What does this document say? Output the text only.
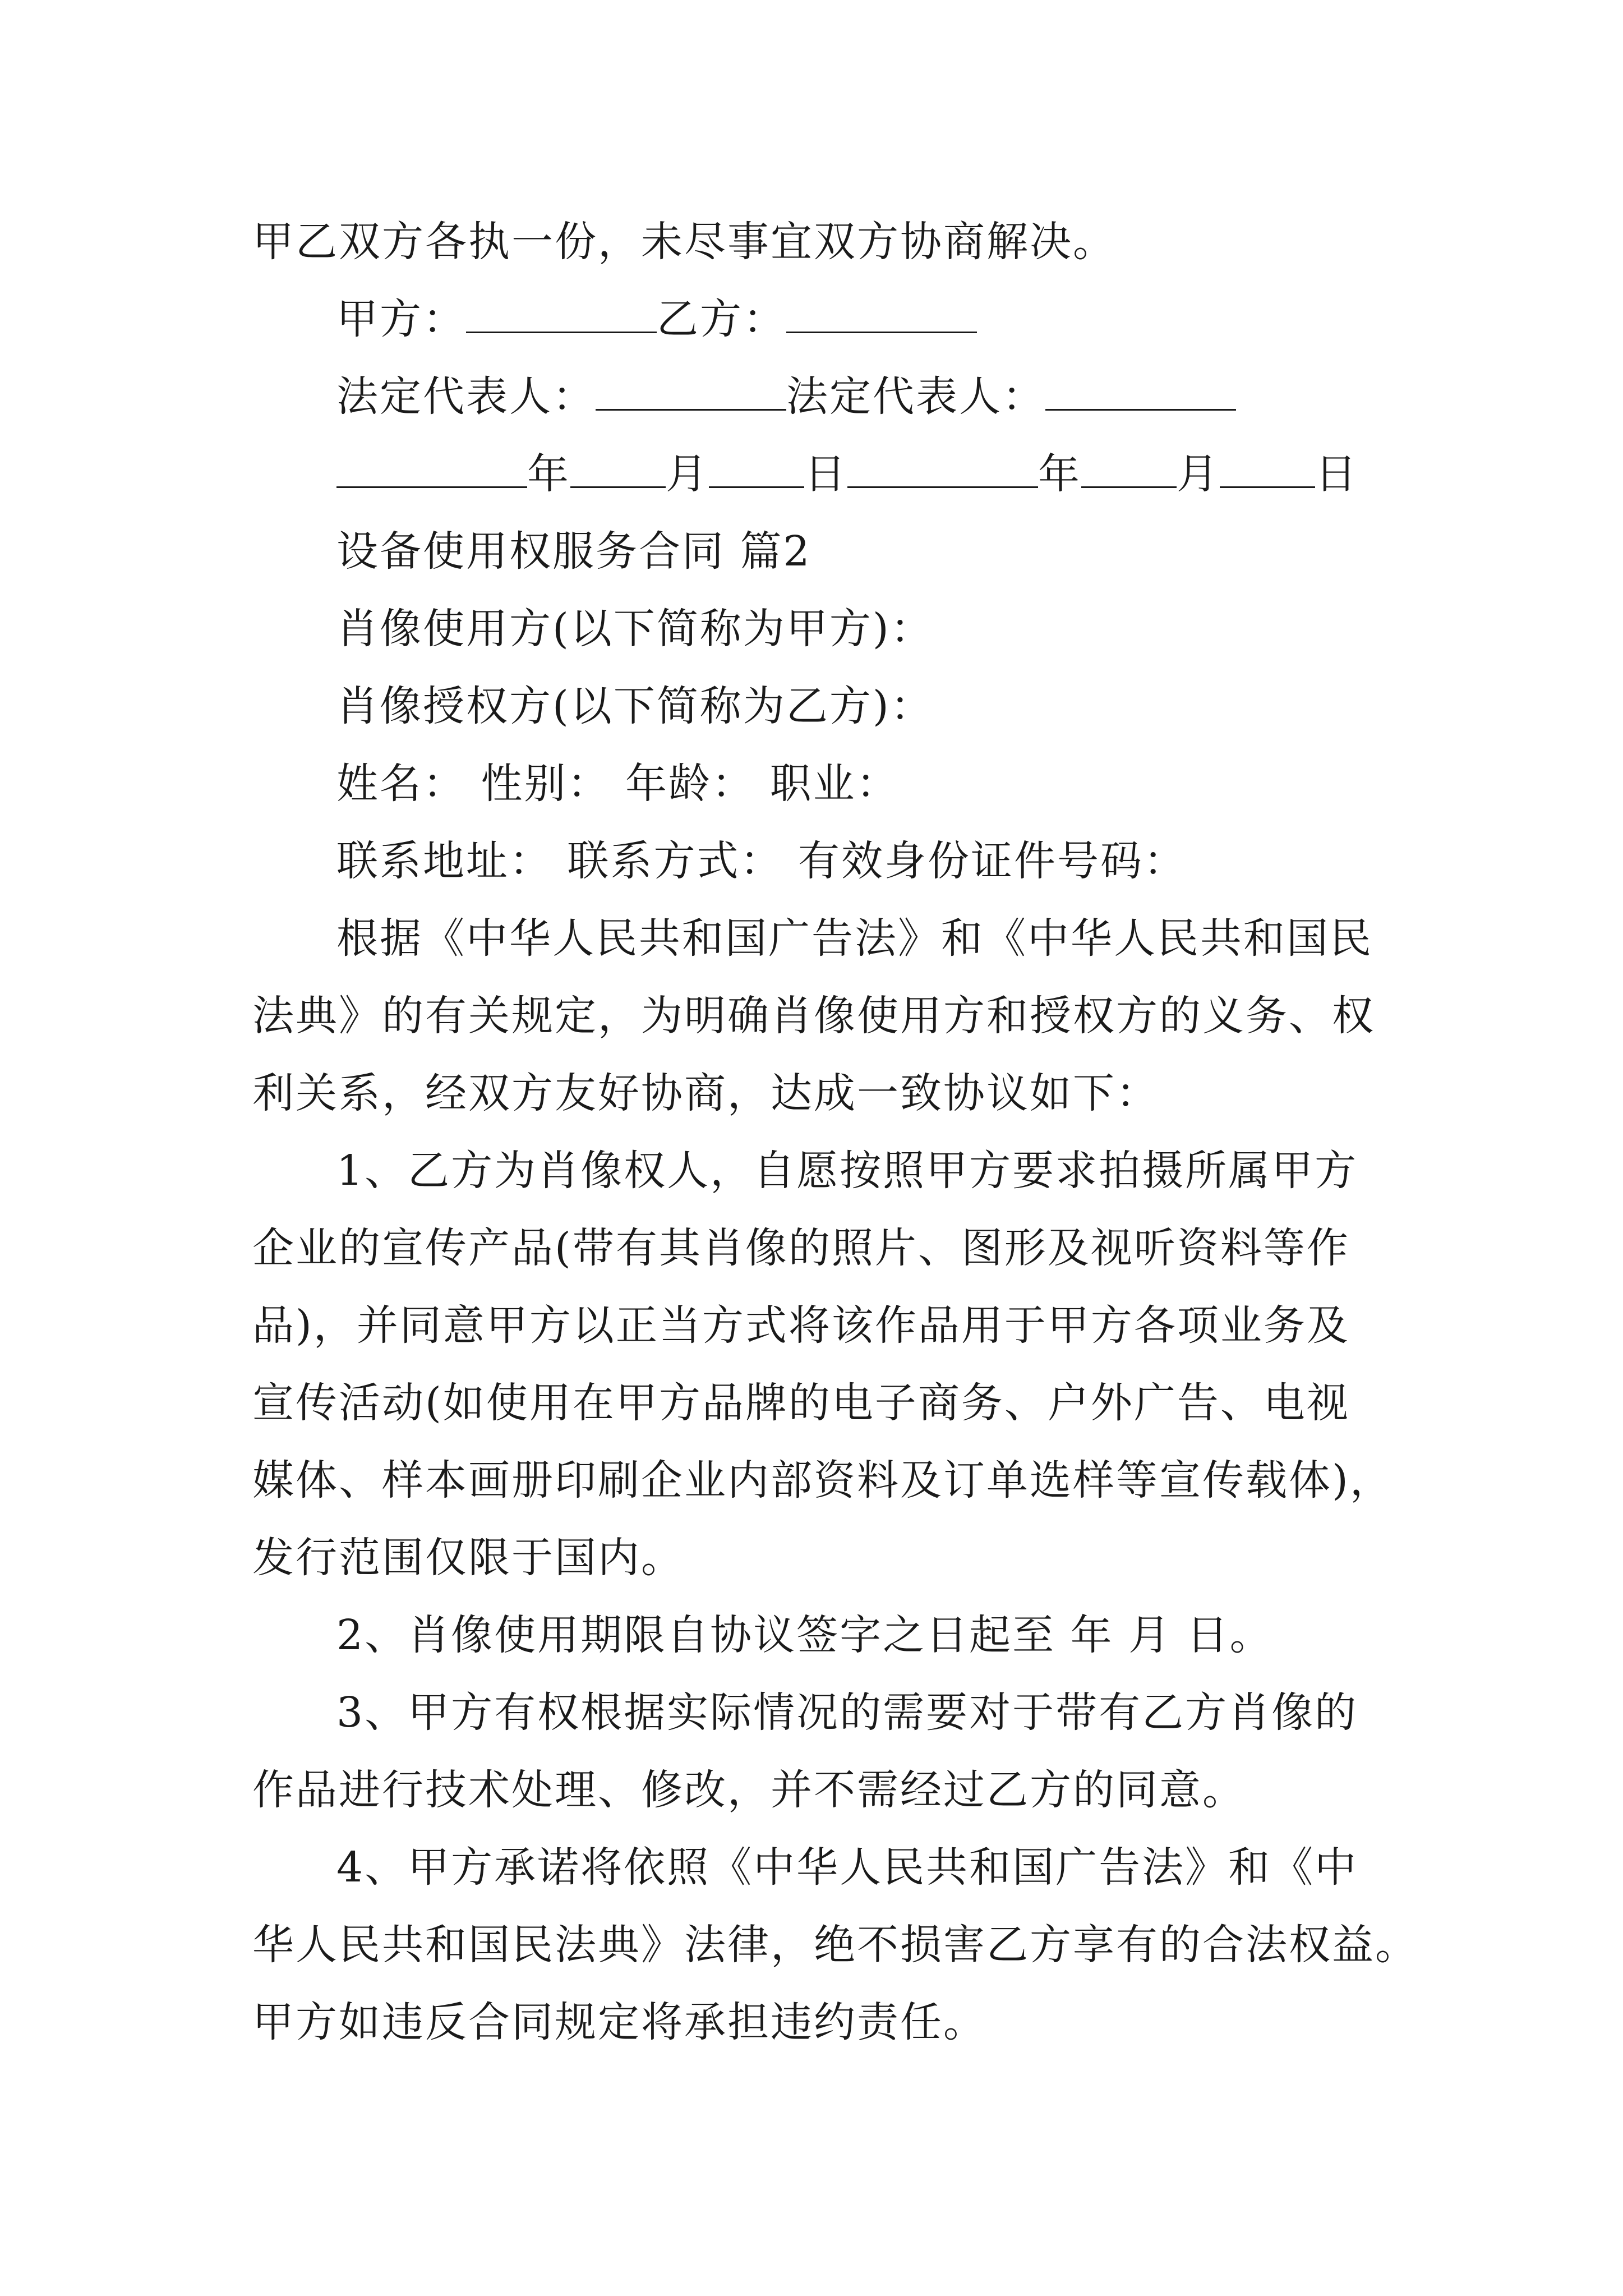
甲乙双方各执一份，未尽事宜双方协商解决。
甲方：	乙方：
法定代表人：	法定代表人：
年 月 日	年 月 日
设备使用权服务合同 篇2
肖像使用方(以下简称为甲方)：
肖像授权方(以下简称为乙方)：
姓名： 性别： 年龄： 职业：
联系地址： 联系方式： 有效身份证件号码：
根据《中华人民共和国广告法》和《中华人民共和国民
法典》的有关规定，为明确肖像使用方和授权方的义务、权
利关系，经双方友好协商，达成一致协议如下：
1、乙方为肖像权人，自愿按照甲方要求拍摄所属甲方
企业的宣传产品(带有其肖像的照片、图形及视听资料等作
品)，并同意甲方以正当方式将该作品用于甲方各项业务及
宣传活动(如使用在甲方品牌的电子商务、户外广告、电视
媒体、样本画册印刷企业内部资料及订单选样等宣传载体)，
发行范围仅限于国内。
2、肖像使用期限自协议签字之日起至 年 月 日。
3、甲方有权根据实际情况的需要对于带有乙方肖像的
作品进行技术处理、修改，并不需经过乙方的同意。
4、甲方承诺将依照《中华人民共和国广告法》和《中
华人民共和国民法典》法律，绝不损害乙方享有的合法权益。
甲方如违反合同规定将承担违约责任。
